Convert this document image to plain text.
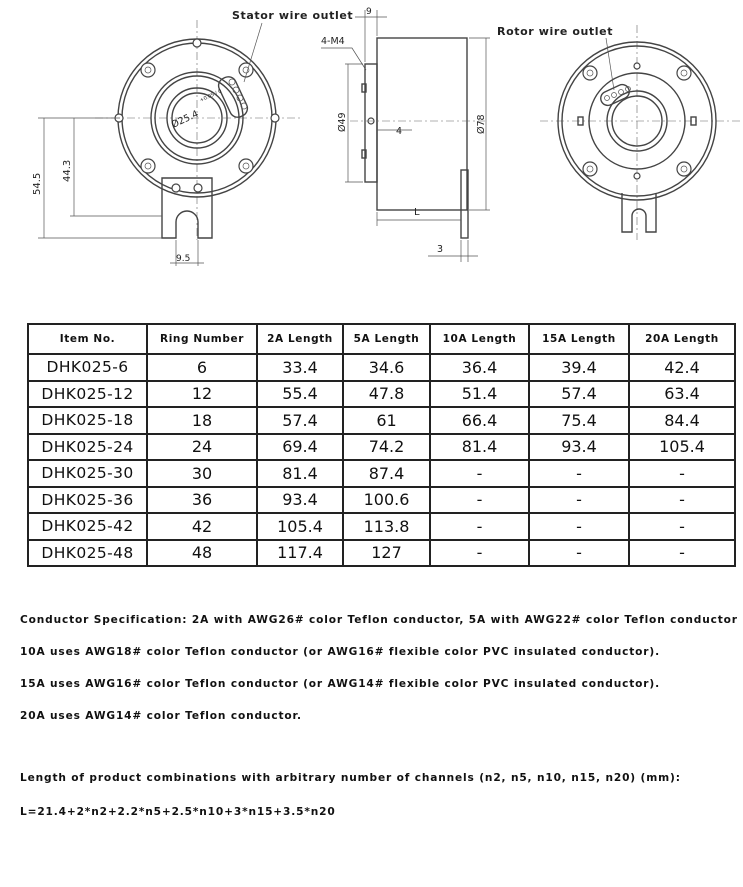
Ø25.4
+0.05 / 0
Stator wire outlet
54.5
44.3
9.5
9
4-M4
Ø49	4	Ø78
L
3
Rotor wire outlet
Item No.	Ring Number	2A Length	5A Length	10A Length	15A Length	20A Length
DHK025-6	6	33.4	34.6	36.4	39.4	42.4
DHK025-12	12	55.4	47.8	51.4	57.4	63.4
DHK025-18	18	57.4	61	66.4	75.4	84.4
DHK025-24	24	69.4	74.2	81.4	93.4	105.4
DHK025-30	30	81.4	87.4	-	-	-
DHK025-36	36	93.4	100.6	-	-	-
DHK025-42	42	105.4	113.8	-	-	-
DHK025-48	48	117.4	127	-	-	-

Conductor Specification: 2A with AWG26# color Teflon conductor, 5A with AWG22# color Teflon conductor

10A uses AWG18# color Teflon conductor (or AWG16# flexible color PVC insulated conductor).

15A uses AWG16# color Teflon conductor (or AWG14# flexible color PVC insulated conductor).

20A uses AWG14# color Teflon conductor.

Length of product combinations with arbitrary number of channels (n2, n5, n10, n15, n20) (mm):

L=21.4+2*n2+2.2*n5+2.5*n10+3*n15+3.5*n20
